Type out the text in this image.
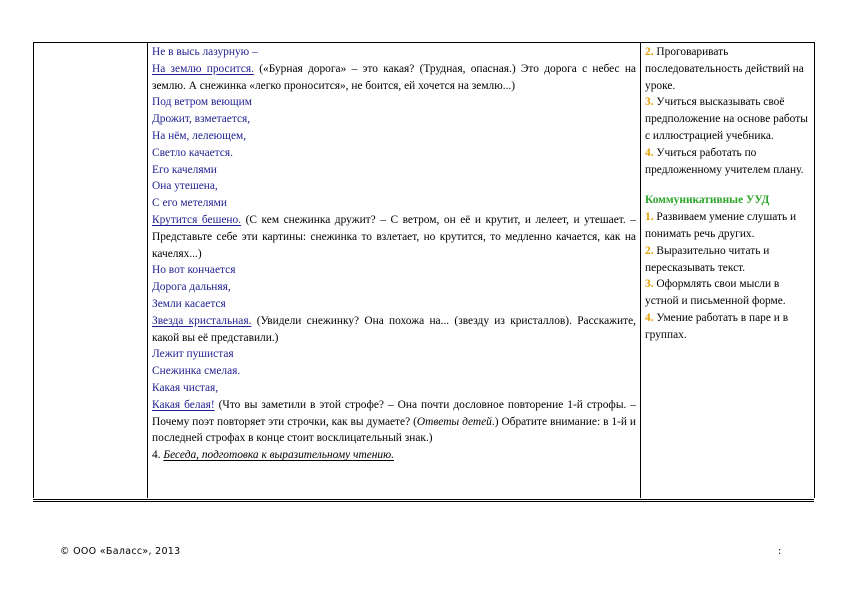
Не в высь лазурную –
На землю просится. («Бурная дорога» – это какая? (Трудная, опасная.) Это дорога с небес на землю. А снежинка «легко проносится», не боится, ей хочется на землю...)
Под ветром веющим
Дрожит, взметается,
На нём, лелеющем,
Светло качается.
Его качелями
Она утешена,
С его метелями
Крутится бешено. (С кем снежинка дружит? – С ветром, он её и крутит, и лелеет, и утешает. – Представьте себе эти картины: снежинка то взлетает, но крутится, то медленно качается, как на качелях...)
Но вот кончается
Дорога дальняя,
Земли касается
Звезда кристальная. (Увидели снежинку? Она похожа на... (звезду из кристаллов). Расскажите, какой вы её представили.)
Лежит пушистая
Снежинка смелая.
Какая чистая,
Какая белая! (Что вы заметили в этой строфе? – Она почти дословное повторение 1-й строфы. – Почему поэт повторяет эти строчки, как вы думаете? (Ответы детей.) Обратите внимание: в 1-й и последней строфах в конце стоит восклицательный знак.)
4. Беседа, подготовка к выразительному чтению.
2. Проговаривать последовательность действий на уроке.
3. Учиться высказывать своё предположение на основе работы с иллюстрацией учебника.
4. Учиться работать по предложенному учителем плану.
Коммуникативные УУД
1. Развиваем умение слушать и понимать речь других.
2. Выразительно читать и пересказывать текст.
3. Оформлять свои мысли в устной и письменной форме.
4. Умение работать в паре и в группах.
© ООО «Баласс», 2013	:
